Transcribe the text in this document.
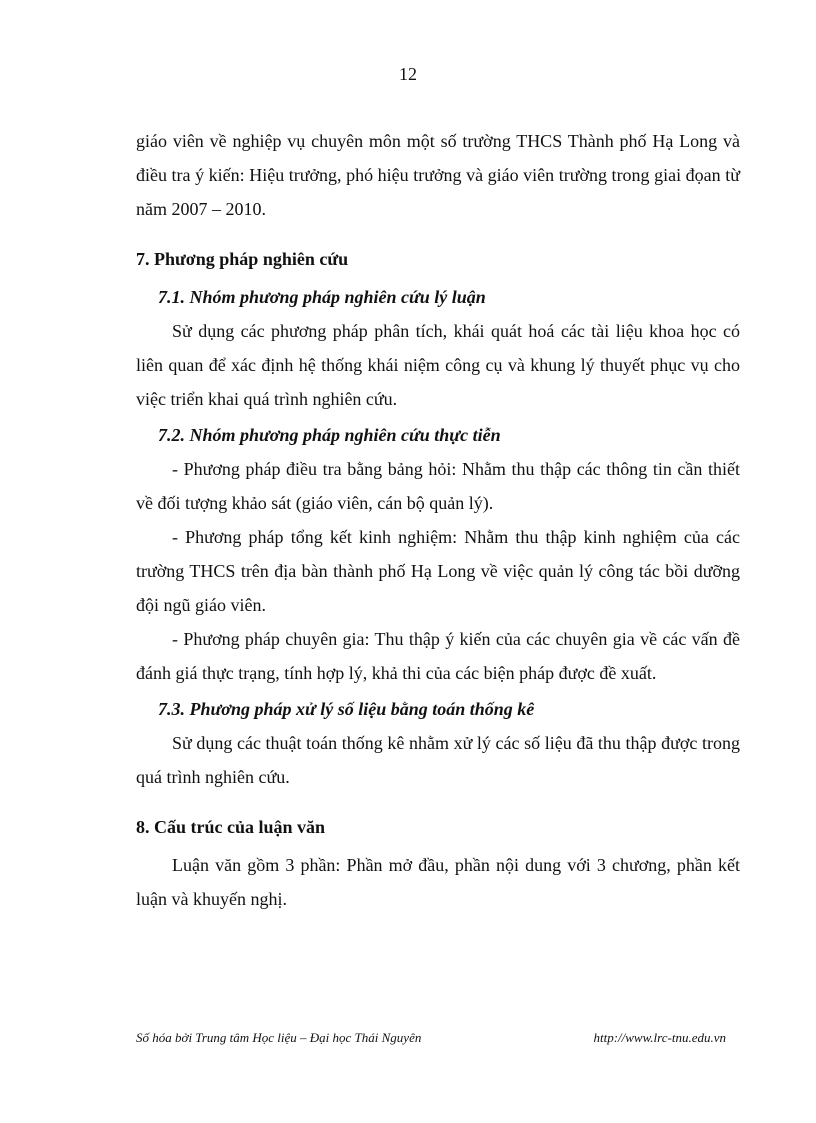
12

giáo viên về nghiệp vụ chuyên môn một số trường THCS Thành phố Hạ Long và điều tra ý kiến: Hiệu trưởng, phó hiệu trưởng và giáo viên trường trong giai đọan từ năm 2007 – 2010.

7. Phương pháp nghiên cứu

7.1. Nhóm phương pháp nghiên cứu lý luận

Sử dụng các phương pháp phân tích, khái quát hoá các tài liệu khoa học có liên quan để xác định hệ thống khái niệm công cụ và khung lý thuyết phục vụ cho việc triển khai quá trình nghiên cứu.

7.2. Nhóm phương pháp nghiên cứu thực tiễn

- Phương pháp điều tra bằng bảng hỏi: Nhằm thu thập các thông tin cần thiết về đối tượng khảo sát (giáo viên, cán bộ quản lý).

- Phương pháp tổng kết kinh nghiệm: Nhằm thu thập kinh nghiệm của các trường THCS trên địa bàn thành phố Hạ Long về việc quản lý công tác bồi dưỡng đội ngũ giáo viên.

- Phương pháp chuyên gia: Thu thập ý kiến của các chuyên gia về các vấn đề đánh giá thực trạng, tính hợp lý, khả thi của các biện pháp được đề xuất.

7.3. Phương pháp xử lý số liệu bằng toán thống kê

Sử dụng các thuật toán thống kê nhằm xử lý các số liệu đã thu thập được trong quá trình nghiên cứu.

8. Cấu trúc của luận văn

Luận văn gồm 3 phần: Phần mở đầu, phần nội dung với 3 chương, phần kết luận và khuyến nghị.

Số hóa bởi Trung tâm Học liệu – Đại học Thái Nguyên	http://www.lrc-tnu.edu.vn
